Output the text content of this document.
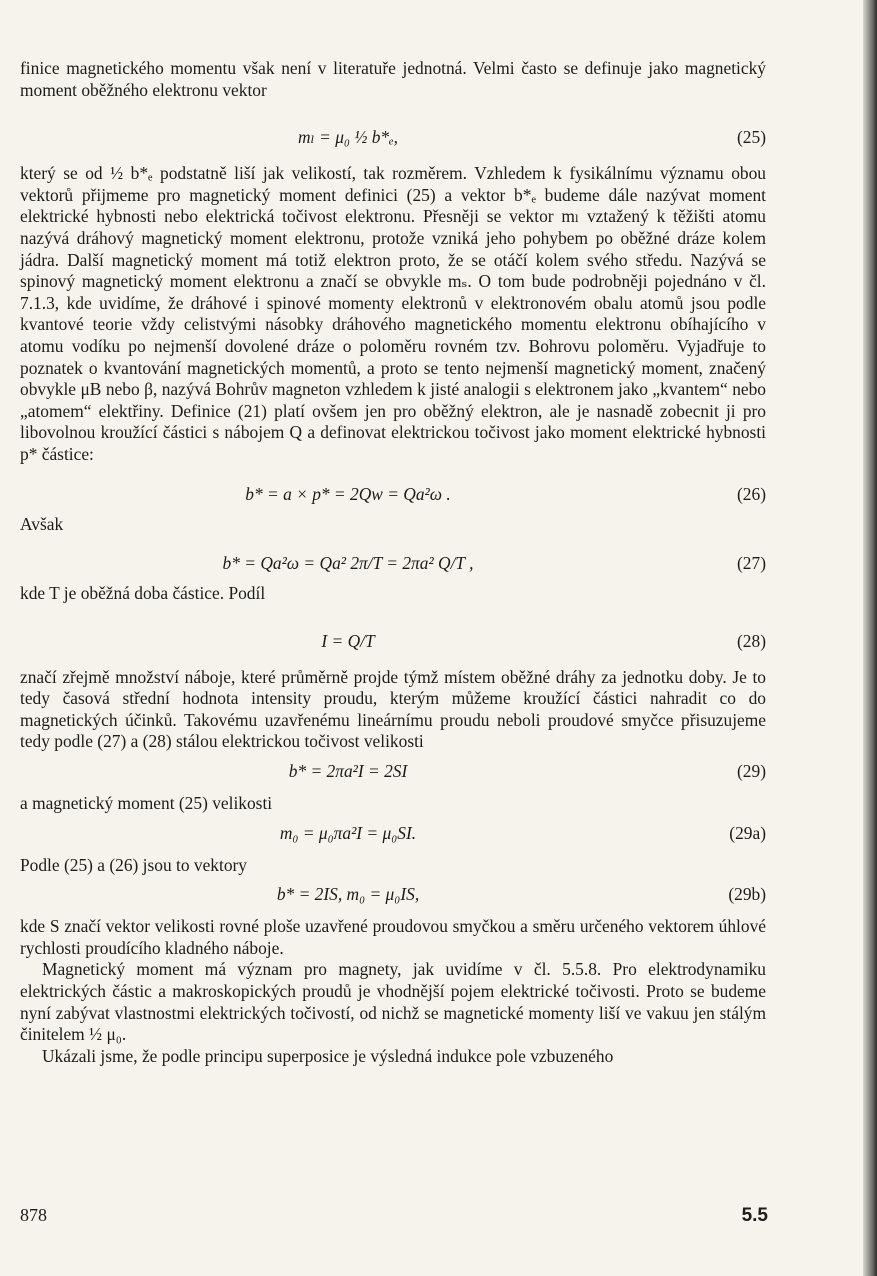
finice magnetického momentu však není v literatuře jednotná. Velmi často se definuje jako magnetický moment oběžného elektronu vektor

mₗ = μ₀ ½ b*ₑ,	(25)

který se od ½ b*ₑ podstatně liší jak velikostí, tak rozměrem. Vzhledem k fysikálnímu významu obou vektorů přijmeme pro magnetický moment definici (25) a vektor b*ₑ budeme dále nazývat moment elektrické hybnosti nebo elektrická točivost elektronu. Přesněji se vektor mₗ vztažený k těžišti atomu nazývá dráhový magnetický moment elektronu, protože vzniká jeho pohybem po oběžné dráze kolem jádra. Další magnetický moment má totiž elektron proto, že se otáčí kolem svého středu. Nazývá se spinový magnetický moment elektronu a značí se obvykle mₛ. O tom bude podrobněji pojednáno v čl. 7.1.3, kde uvidíme, že dráhové i spinové momenty elektronů v elektronovém obalu atomů jsou podle kvantové teorie vždy celistvými násobky dráhového magnetického momentu elektronu obíhajícího v atomu vodíku po nejmenší dovolené dráze o poloměru rovném tzv. Bohrovu poloměru. Vyjadřuje to poznatek o kvantování magnetických momentů, a proto se tento nejmenší magnetický moment, značený obvykle μB nebo β, nazývá Bohrův magneton vzhledem k jisté analogii s elektronem jako „kvantem“ nebo „atomem“ elektřiny. Definice (21) platí ovšem jen pro oběžný elektron, ale je nasnadě zobecnit ji pro libovolnou kroužící částici s nábojem Q a definovat elektrickou točivost jako moment elektrické hybnosti p* částice:

b* = a × p* = 2Qw = Qa²ω .	(26)

Avšak

b* = Qa²ω = Qa² 2π/T = 2πa² Q/T ,	(27)

kde T je oběžná doba částice. Podíl

I = Q/T	(28)

značí zřejmě množství náboje, které průměrně projde týmž místem oběžné dráhy za jednotku doby. Je to tedy časová střední hodnota intensity proudu, kterým můžeme kroužící částici nahradit co do magnetických účinků. Takovému uzavřenému lineárnímu proudu neboli proudové smyčce přisuzujeme tedy podle (27) a (28) stálou elektrickou točivost velikosti

b* = 2πa²I = 2SI	(29)

a magnetický moment (25) velikosti

m₀ = μ₀πa²I = μ₀SI.	(29a)

Podle (25) a (26) jsou to vektory

b* = 2IS, m₀ = μ₀IS,	(29b)

kde S značí vektor velikosti rovné ploše uzavřené proudovou smyčkou a směru určeného vektorem úhlové rychlosti proudícího kladného náboje.

Magnetický moment má význam pro magnety, jak uvidíme v čl. 5.5.8. Pro elektrodynamiku elektrických částic a makroskopických proudů je vhodnější pojem elektrické točivosti. Proto se budeme nyní zabývat vlastnostmi elektrických točivostí, od nichž se magnetické momenty liší ve vakuu jen stálým činitelem ½ μ₀.

Ukázali jsme, že podle principu superposice je výsledná indukce pole vzbuzeného

878	5.5
